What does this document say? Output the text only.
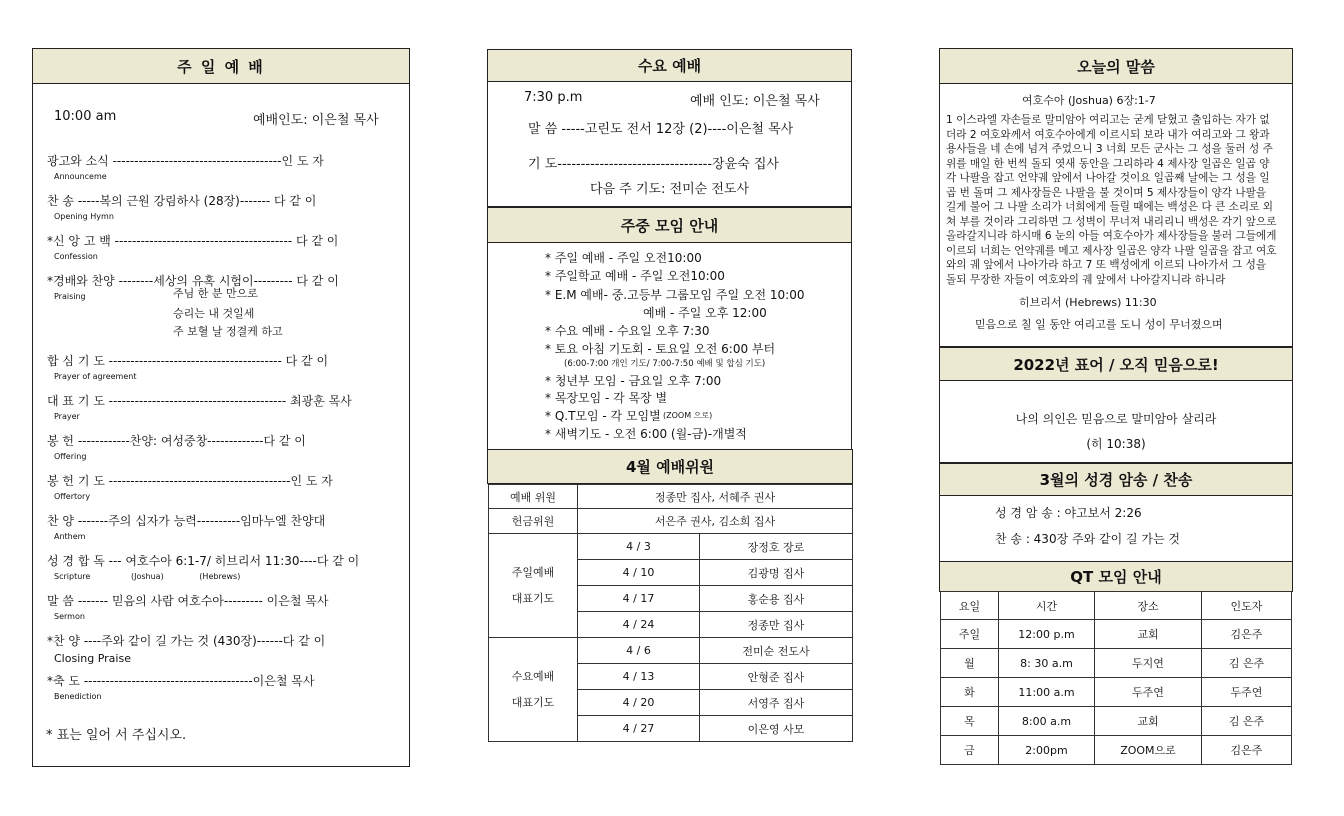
주 일 예 배
10:00 am	예배인도: 이은철 목사
광고와 소식 ---------------------------------------인 도 자
Announceme
찬 송 -----복의 근원 강림하사 (28장)------- 다 같 이
Opening Hymn
*신 앙 고 백 ----------------------------------------- 다 같 이
Confession
*경배와 찬양 --------세상의 유혹 시험이--------- 다 같 이
Praising
합 심 기 도 ---------------------------------------- 다 같 이
Prayer of agreement
대 표 기 도 ----------------------------------------- 최광훈 목사
Prayer
봉 헌 ------------찬양: 여성중창-------------다 같 이
Offering
봉 헌 기 도 ------------------------------------------인 도 자
Offertory
찬 양 -------주의 십자가 능력----------임마누엘 찬양대
Anthem
성 경 합 독 --- 여호수아 6:1-7/ 히브리서 11:30----다 같 이
Scripture                (Joshua)              (Hebrews)
말 씀 ------- 믿음의 사람 여호수아--------- 이은철 목사
Sermon
*찬 양 ----주와 같이 길 가는 것 (430장)------다 같 이
Closing Praise
*축 도 ---------------------------------------이은철 목사
Benediction
주님 한 분 만으로
승리는 내 것일세
주 보혈 날 정결케 하고
* 표는 일어 서 주십시오.
수요 예배
7:30 p.m	예배 인도: 이은철 목사
말 씀 -----고린도 전서 12장 (2)----이은철 목사
기 도---------------------------------장윤숙 집사
다음 주 기도: 전미순 전도사
주중 모임 안내
* 주일 예배 - 주일 오전10:00
* 주일학교 예배 - 주일 오전10:00
* E.M 예배- 중.고등부 그룹모임 주일 오전 10:00
예배 - 주일 오후 12:00
* 수요 예배 - 수요일 오후 7:30
* 토요 아침 기도회 - 토요일 오전 6:00 부터
(6:00-7:00 개인 기도/ 7:00-7:50 예배 및 합심 기도)
* 청년부 모임 - 금요일 오후 7:00
* 목장모임 - 각 목장 별
* Q.T모임 - 각 모임별 (ZOOM 으로)
* 새벽기도 - 오전 6:00 (월-금)-개별적
4월 예배위원
예배 위원	정종만 집사, 서혜주 권사	
헌금위원	서은주 권사, 김소희 집사	
주일예배
대표기도	4 / 3	장정호 장로
	4 / 10	김광명 집사
	4 / 17	홍순용 집사
	4 / 24	정종만 집사
수요예배
대표기도	4 / 6	전미순 전도사
	4 / 13	안형준 집사
	4 / 20	서영주 집사
	4 / 27	이은영 사모
오늘의 말씀
여호수아 (Joshua) 6장:1-7
1 이스라엘 자손들로 말미암아 여리고는 굳게 닫혔고 출입하는 자가 없
더라 2 여호와께서 여호수아에게 이르시되 보라 내가 여리고와 그 왕과
용사들을 네 손에 넘겨 주었으니 3 너희 모든 군사는 그 성을 둘러 성 주
위를 매일 한 번씩 돌되 엿새 동안을 그리하라 4 제사장 일곱은 일곱 양
각 나팔을 잡고 언약궤 앞에서 나아갈 것이요 일곱째 날에는 그 성을 일
곱 번 돌며 그 제사장들은 나팔을 불 것이며 5 제사장들이 양각 나팔을
길게 불어 그 나팔 소리가 너희에게 들릴 때에는 백성은 다 큰 소리로 외
쳐 부를 것이라 그리하면 그 성벽이 무너져 내리리니 백성은 각기 앞으로
올라갈지니라 하시매 6 눈의 아들 여호수아가 제사장들을 불러 그들에게
이르되 너희는 언약궤를 메고 제사장 일곱은 양각 나팔 일곱을 잡고 여호
와의 궤 앞에서 나아가라 하고 7 또 백성에게 이르되 나아가서 그 성을
돌되 무장한 자들이 여호와의 궤 앞에서 나아갈지니라 하니라
히브리서 (Hebrews) 11:30
믿음으로 칠 일 동안 여리고를 도니 성이 무너졌으며
2022년 표어 / 오직 믿음으로!
나의 의인은 믿음으로 말미암아 살리라
(히 10:38)
3월의 성경 암송 / 찬송
성 경 암 송 : 야고보서 2:26
찬 송 : 430장 주와 같이 길 가는 것
QT 모임 안내
요일	시간	장소	인도자
주일	12:00 p.m	교회	김은주
월	8: 30 a.m	두지연	김 은주
화	11:00 a.m	두주연	두주연
목	8:00 a.m	교회	김 은주
금	2:00pm	ZOOM으로	김은주
